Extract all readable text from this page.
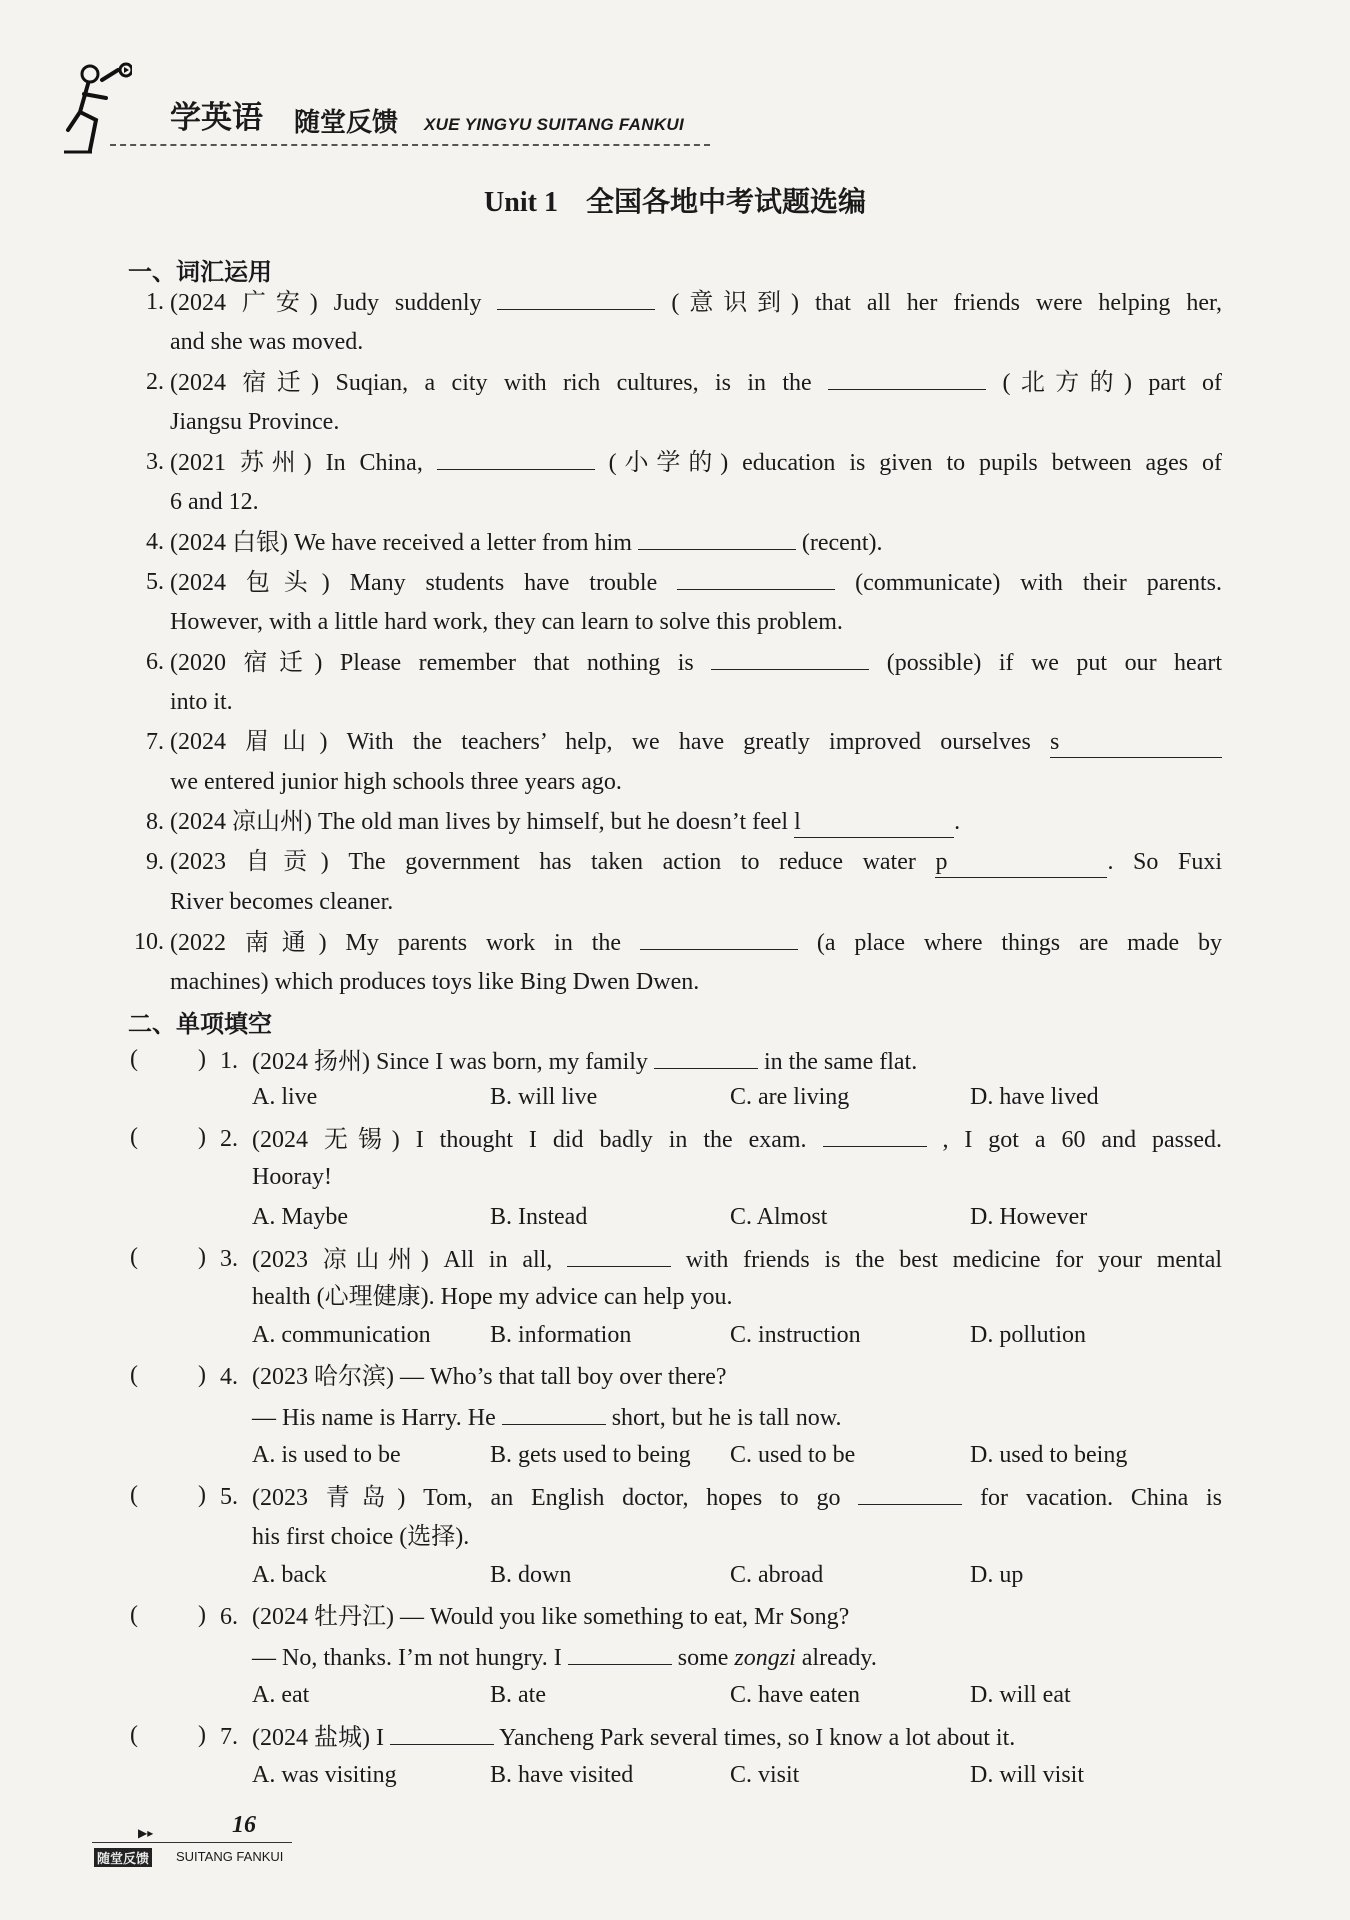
学英语 随堂反馈 XUE YINGYU SUITANG FANKUI
Unit 1　全国各地中考试题选编
一、词汇运用
1. (2024 广安) Judy suddenly	(意识到) that all her friends were helping her,
and she was moved.
2. (2024 宿迁) Suqian, a city with rich cultures, is in the	(北方的) part of
Jiangsu Province.
3. (2021 苏州) In China,	(小学的) education is given to pupils between ages of
6 and 12.
4. (2024 白银) We have received a letter from him	(recent).
5. (2024 包头) Many students have trouble	(communicate) with their parents.
However, with a little hard work, they can learn to solve this problem.
6. (2020 宿迁) Please remember that nothing is	(possible) if we put our heart
into it.
7. (2024 眉山) With the teachers’ help, we have greatly improved ourselves s
we entered junior high schools three years ago.
8. (2024 凉山州) The old man lives by himself, but he doesn’t feel l	.
9. (2023 自贡) The government has taken action to reduce water p	. So Fuxi
River becomes cleaner.
10. (2022 南通) My parents work in the	(a place where things are made by
machines) which produces toys like Bing Dwen Dwen.
二、单项填空
(	) 1. (2024 扬州) Since I was born, my family	in the same flat.
A. live	B. will live	C. are living	D. have lived
(	) 2. (2024 无锡) I thought I did badly in the exam.	, I got a 60 and passed.
Hooray!
A. Maybe	B. Instead	C. Almost	D. However
(	) 3. (2023 凉山州) All in all,	with friends is the best medicine for your mental
health (心理健康). Hope my advice can help you.
A. communication B. information	C. instruction	D. pollution
(	) 4. (2023 哈尔滨) — Who’s that tall boy over there?
— His name is Harry. He	short, but he is tall now.
A. is used to be	B. gets used to being C. used to be	D. used to being
(	) 5. (2023 青岛) Tom, an English doctor, hopes to go	for vacation. China is
his first choice (选择).
A. back	B. down	C. abroad	D. up
(	) 6. (2024 牡丹江) — Would you like something to eat, Mr Song?
— No, thanks. I’m not hungry. I	some zongzi already.
A. eat	B. ate	C. have eaten	D. will eat
(	) 7. (2024 盐城) I	Yancheng Park several times, so I know a lot about it.
A. was visiting	B. have visited	C. visit	D. will visit
▶▸	16
随堂反馈 SUITANG FANKUI
